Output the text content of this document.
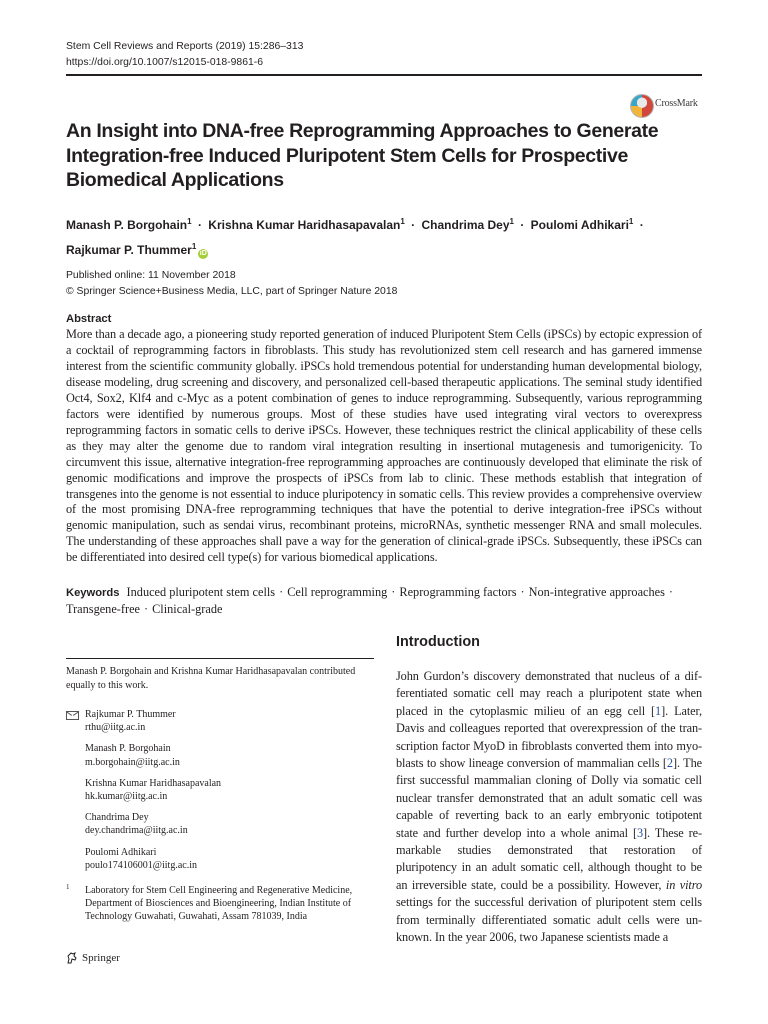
Stem Cell Reviews and Reports (2019) 15:286–313
https://doi.org/10.1007/s12015-018-9861-6
CrossMark
An Insight into DNA-free Reprogramming Approaches to Generate
Integration-free Induced Pluripotent Stem Cells for Prospective
Biomedical Applications
Manash P. Borgohain$^1$ · Krishna Kumar Haridhasapavalan$^1$ · Chandrima Dey$^1$ · Poulomi Adhikari$^1$ ·
Rajkumar P. Thummer$^1$iD
Published online: 11 November 2018
© Springer Science+Business Media, LLC, part of Springer Nature 2018
Abstract
More than a decade ago, a pioneering study reported generation of induced Pluripotent Stem Cells (iPSCs) by ectopic expression of a cocktail of reprogramming factors in fibroblasts. This study has revolutionized stem cell research and has garnered immense interest from the scientific community globally. iPSCs hold tremendous potential for understanding human developmental biology, disease modeling, drug screening and discovery, and personalized cell-based therapeutic applications. The seminal study identified Oct4, Sox2, Klf4 and c-Myc as a potent combination of genes to induce reprogramming. Subsequently, various reprogramming factors were identified by numerous groups. Most of these studies have used integrating viral vectors to overexpress reprogramming factors in somatic cells to derive iPSCs. However, these techniques restrict the clinical applicability of these cells as they may alter the genome due to random viral integration resulting in insertional mutagenesis and tumorigenicity. To circumvent this issue, alternative integration-free reprogramming approaches are continuously developed that eliminate the risk of genomic modifications and improve the prospects of iPSCs from lab to clinic. These methods establish that integration of transgenes into the genome is not essential to induce pluripotency in somatic cells. This review provides a comprehensive overview of the most promising DNA-free reprogramming techniques that have the potential to derive integration-free iPSCs without genomic manipulation, such as sendai virus, recombinant proteins, microRNAs, synthetic messenger RNA and small molecules. The understanding of these approaches shall pave a way for the generation of clinical-grade iPSCs. Subsequently, these iPSCs can be differentiated into desired cell type(s) for various biomedical applications.
Keywords Induced pluripotent stem cells · Cell reprogramming · Reprogramming factors · Non-integrative approaches ·
Transgene-free · Clinical-grade
Introduction
John Gurdon’s discovery demonstrated that nucleus of a dif-
ferentiated somatic cell may reach a pluripotent state when
placed in the cytoplasmic milieu of an egg cell [1]. Later,
Davis and colleagues reported that overexpression of the tran-
scription factor MyoD in fibroblasts converted them into myo-
blasts to show lineage conversion of mammalian cells [2]. The
first successful mammalian cloning of Dolly via somatic cell
nuclear transfer demonstrated that an adult somatic cell was
capable of reverting back to an early embryonic totipotent
state and further develop into a whole animal [3]. These re-
markable studies demonstrated that restoration of
pluripotency in an adult somatic cell, although thought to be
an irreversible state, could be a possibility. However, in vitro
settings for the successful derivation of pluripotent stem cells
from terminally differentiated somatic adult cells were un-
known. In the year 2006, two Japanese scientists made a
Manash P. Borgohain and Krishna Kumar Haridhasapavalan contributed equally to this work.
Rajkumar P. Thummer
rthu@iitg.ac.in
Manash P. Borgohain
m.borgohain@iitg.ac.in
Krishna Kumar Haridhasapavalan
hk.kumar@iitg.ac.in
Chandrima Dey
dey.chandrima@iitg.ac.in
Poulomi Adhikari
poulo174106001@iitg.ac.in
1 Laboratory for Stem Cell Engineering and Regenerative Medicine, Department of Biosciences and Bioengineering, Indian Institute of Technology Guwahati, Guwahati, Assam 781039, India
Springer
